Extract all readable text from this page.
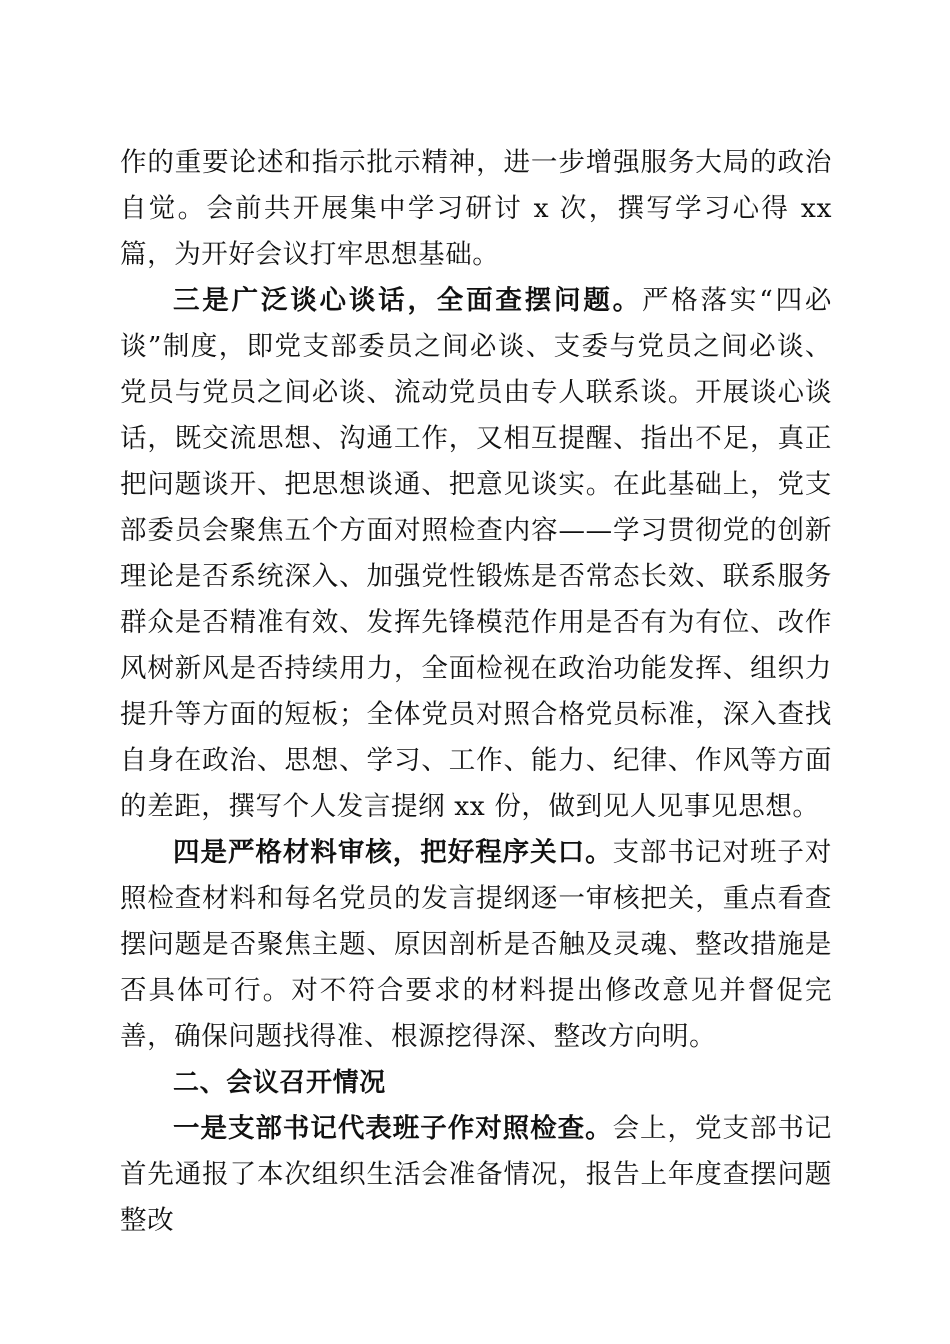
作的重要论述和指示批示精神，进一步增强服务大局的政治自觉。会前共开展集中学习研讨 x 次，撰写学习心得 xx 篇，为开好会议打牢思想基础。

三是广泛谈心谈话，全面查摆问题。严格落实“四必谈”制度，即党支部委员之间必谈、支委与党员之间必谈、党员与党员之间必谈、流动党员由专人联系谈。开展谈心谈话，既交流思想、沟通工作，又相互提醒、指出不足，真正把问题谈开、把思想谈通、把意见谈实。在此基础上，党支部委员会聚焦五个方面对照检查内容——学习贯彻党的创新理论是否系统深入、加强党性锻炼是否常态长效、联系服务群众是否精准有效、发挥先锋模范作用是否有为有位、改作风树新风是否持续用力，全面检视在政治功能发挥、组织力提升等方面的短板；全体党员对照合格党员标准，深入查找自身在政治、思想、学习、工作、能力、纪律、作风等方面的差距，撰写个人发言提纲 xx 份，做到见人见事见思想。

四是严格材料审核，把好程序关口。支部书记对班子对照检查材料和每名党员的发言提纲逐一审核把关，重点看查摆问题是否聚焦主题、原因剖析是否触及灵魂、整改措施是否具体可行。对不符合要求的材料提出修改意见并督促完善，确保问题找得准、根源挖得深、整改方向明。

二、会议召开情况

一是支部书记代表班子作对照检查。会上，党支部书记首先通报了本次组织生活会准备情况，报告上年度查摆问题整改
